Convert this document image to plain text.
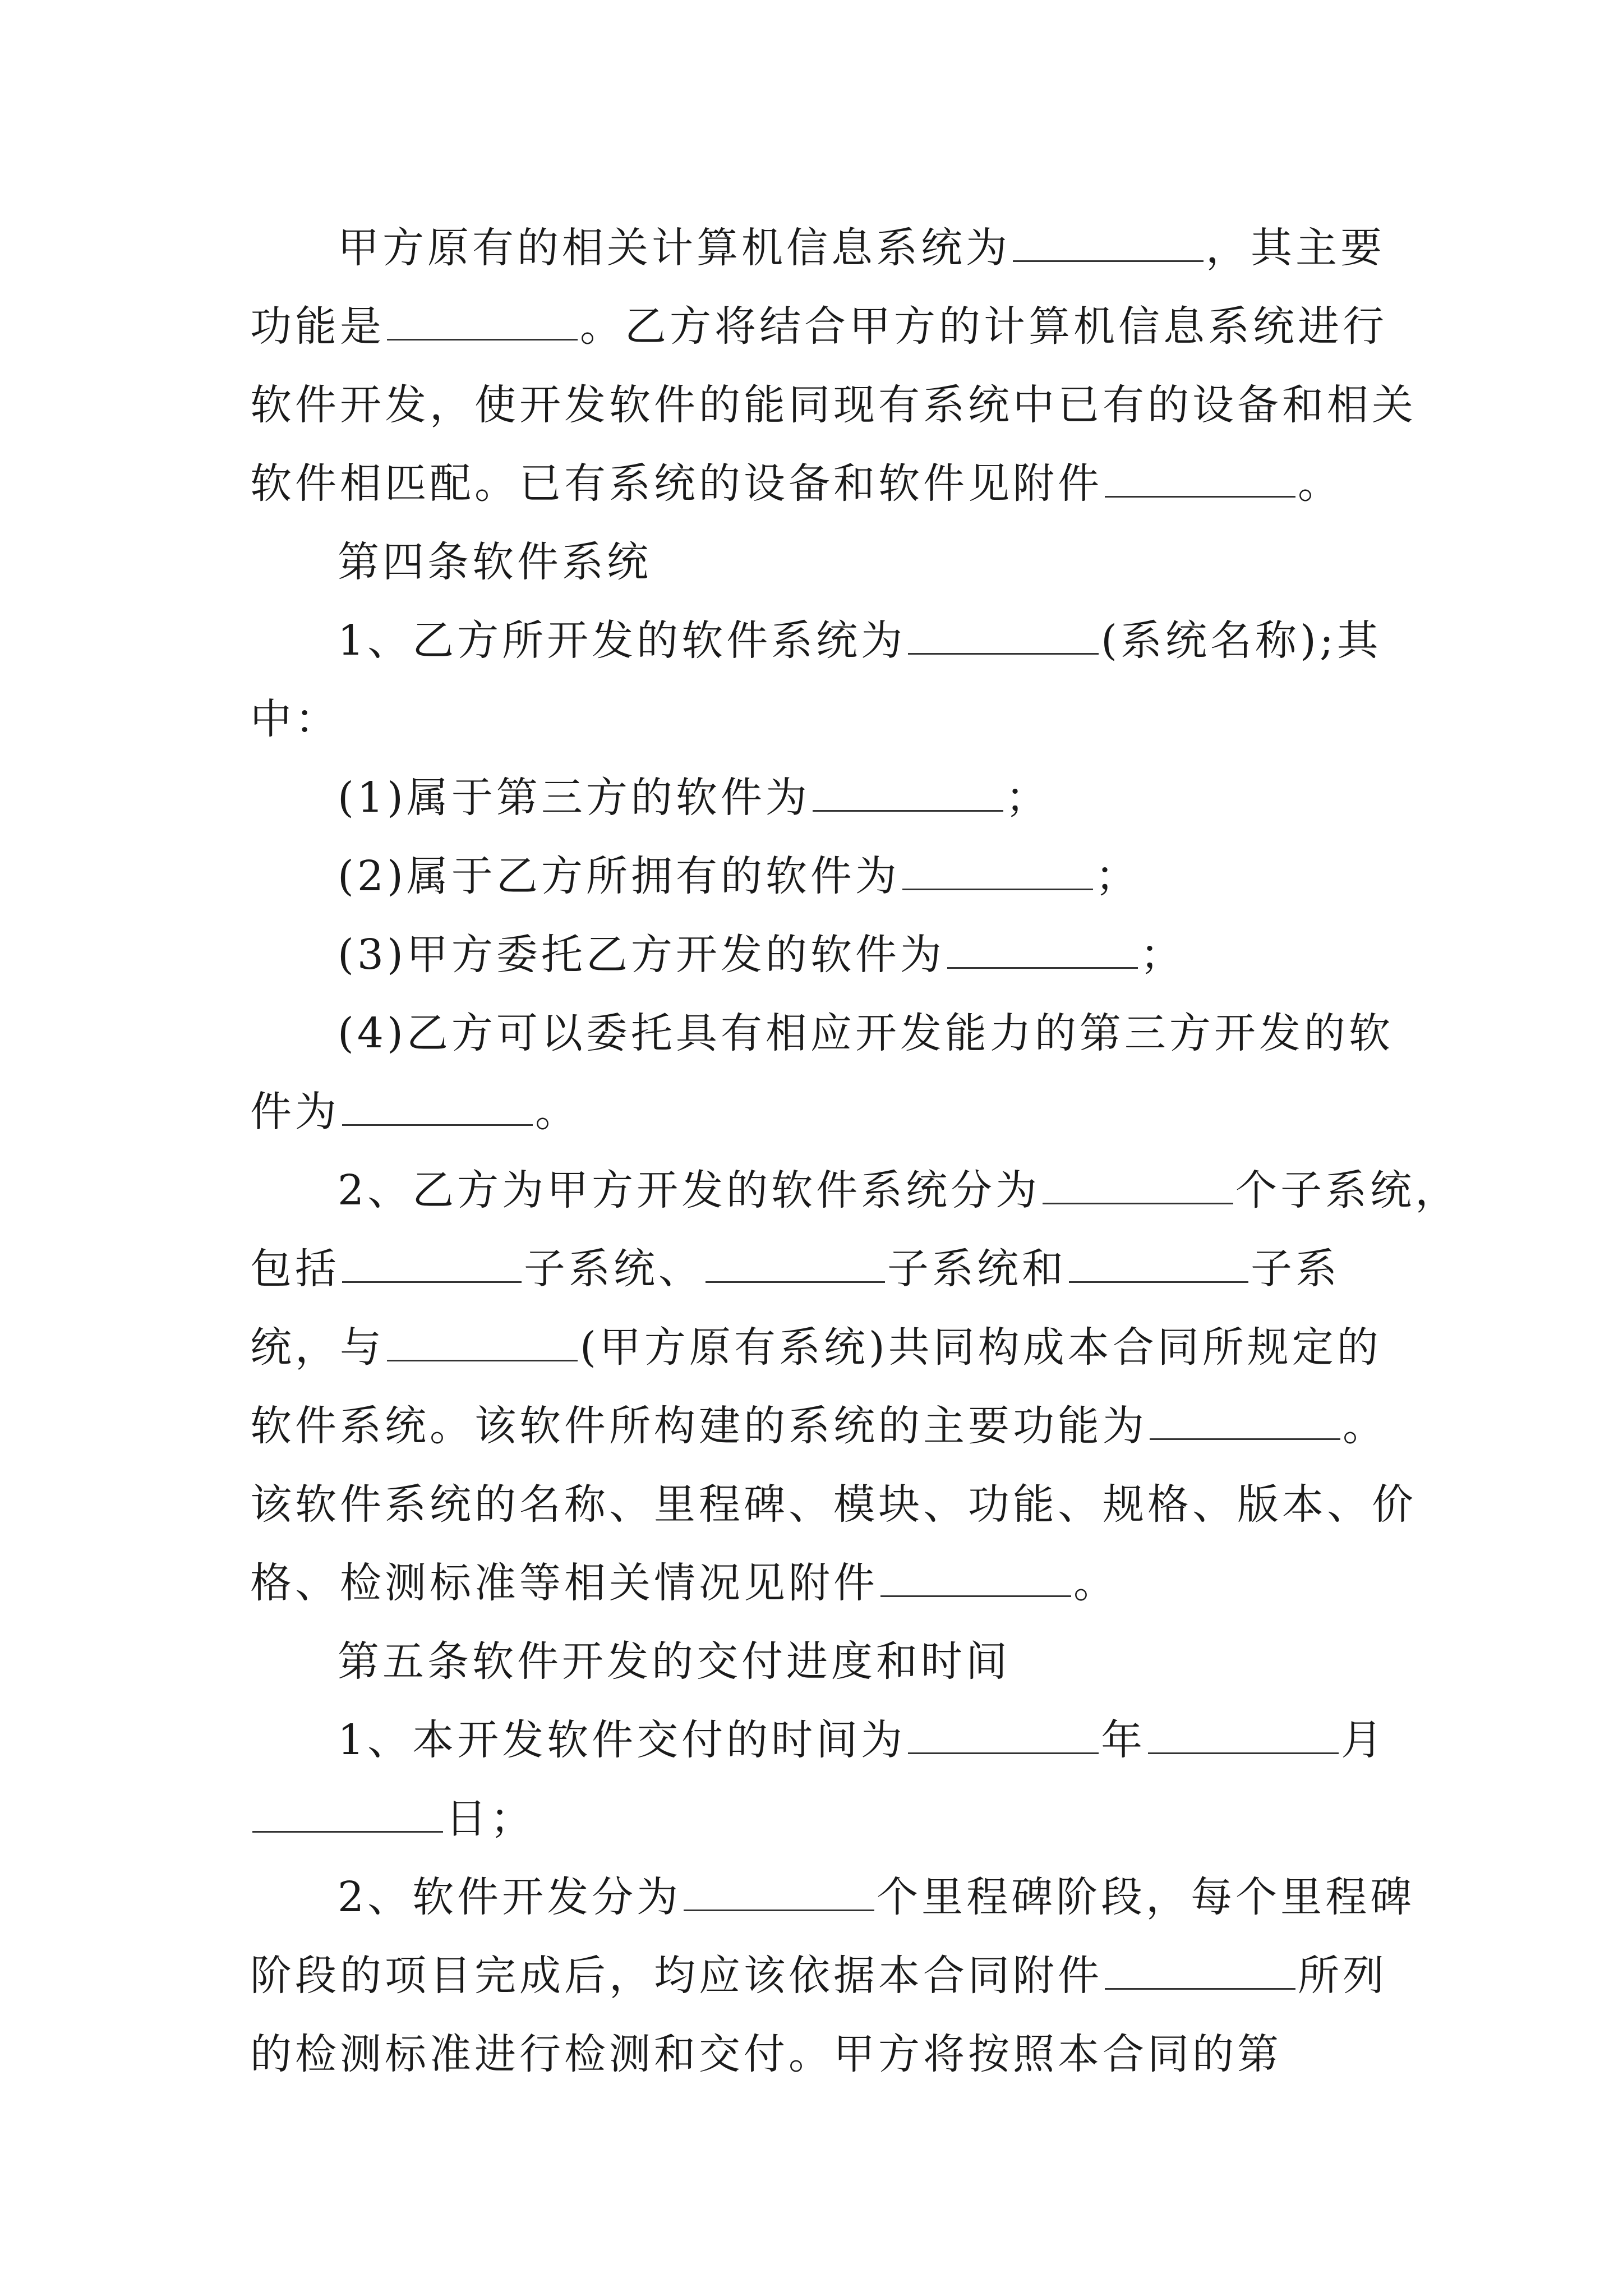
甲方原有的相关计算机信息系统为	，其主要
功能是	。乙方将结合甲方的计算机信息系统进行
软件开发，使开发软件的能同现有系统中已有的设备和相关
软件相匹配。已有系统的设备和软件见附件	。
第四条软件系统
1、乙方所开发的软件系统为	(系统名称);其
中：
(1)属于第三方的软件为	；
(2)属于乙方所拥有的软件为	；
(3)甲方委托乙方开发的软件为	；
(4)乙方可以委托具有相应开发能力的第三方开发的软
件为	。
2、乙方为甲方开发的软件系统分为	个子系统，
包括	子系统、	子系统和	子系
统，与	(甲方原有系统)共同构成本合同所规定的
软件系统。该软件所构建的系统的主要功能为	。
该软件系统的名称、里程碑、模块、功能、规格、版本、价
格、检测标准等相关情况见附件	。
第五条软件开发的交付进度和时间
1、本开发软件交付的时间为	年	月
日；
2、软件开发分为	个里程碑阶段，每个里程碑
阶段的项目完成后，均应该依据本合同附件	所列
的检测标准进行检测和交付。甲方将按照本合同的第
